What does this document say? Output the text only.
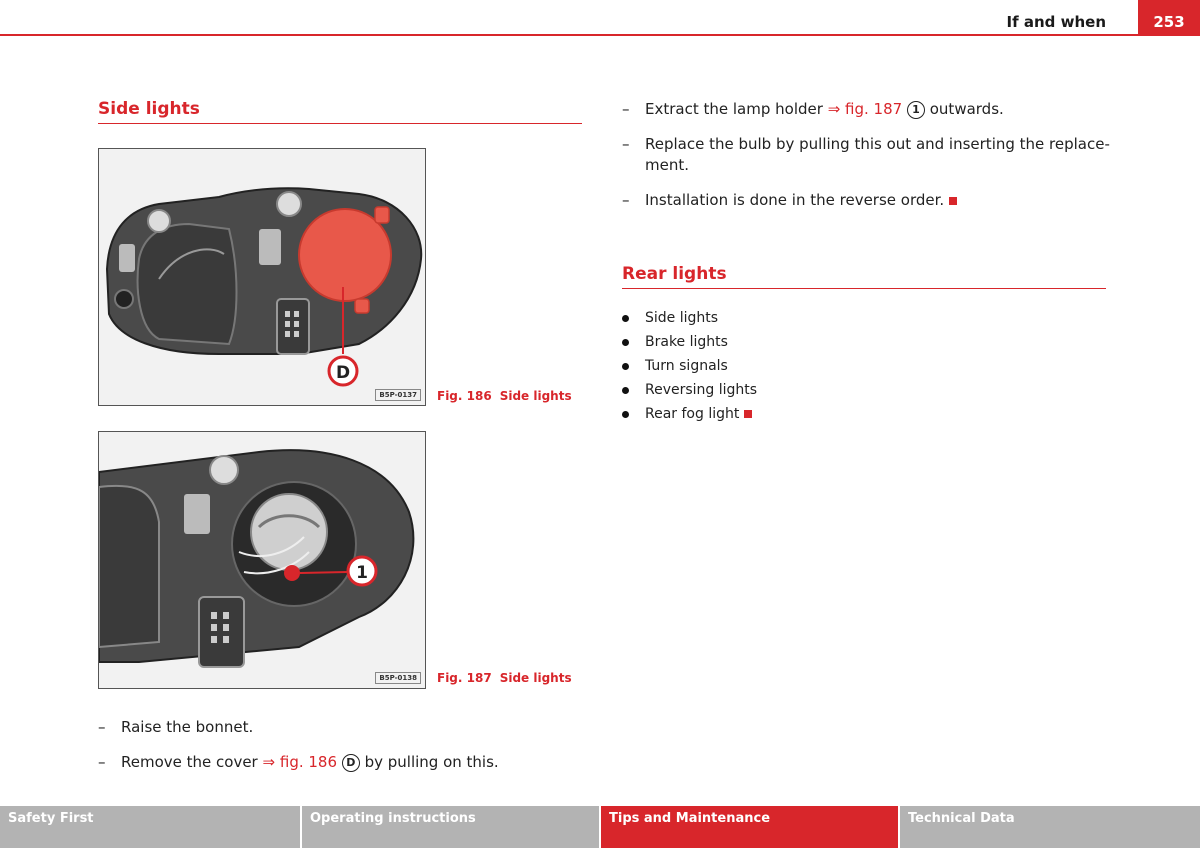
If and when	253
Side lights
D
B5P-0137	Fig. 186 Side lights
1
B5P-0138	Fig. 187 Side lights
– Raise the bonnet.
– Remove the cover ⇒ fig. 186 D by pulling on this.
– Extract the lamp holder ⇒ fig. 187 1 outwards.
– Replace the bulb by pulling this out and inserting the replace-
ment.
– Installation is done in the reverse order.
Rear lights
Side lights
Brake lights
Turn signals
Reversing lights
Rear fog light
Safety First	Operating instructions	Tips and Maintenance	Technical Data
